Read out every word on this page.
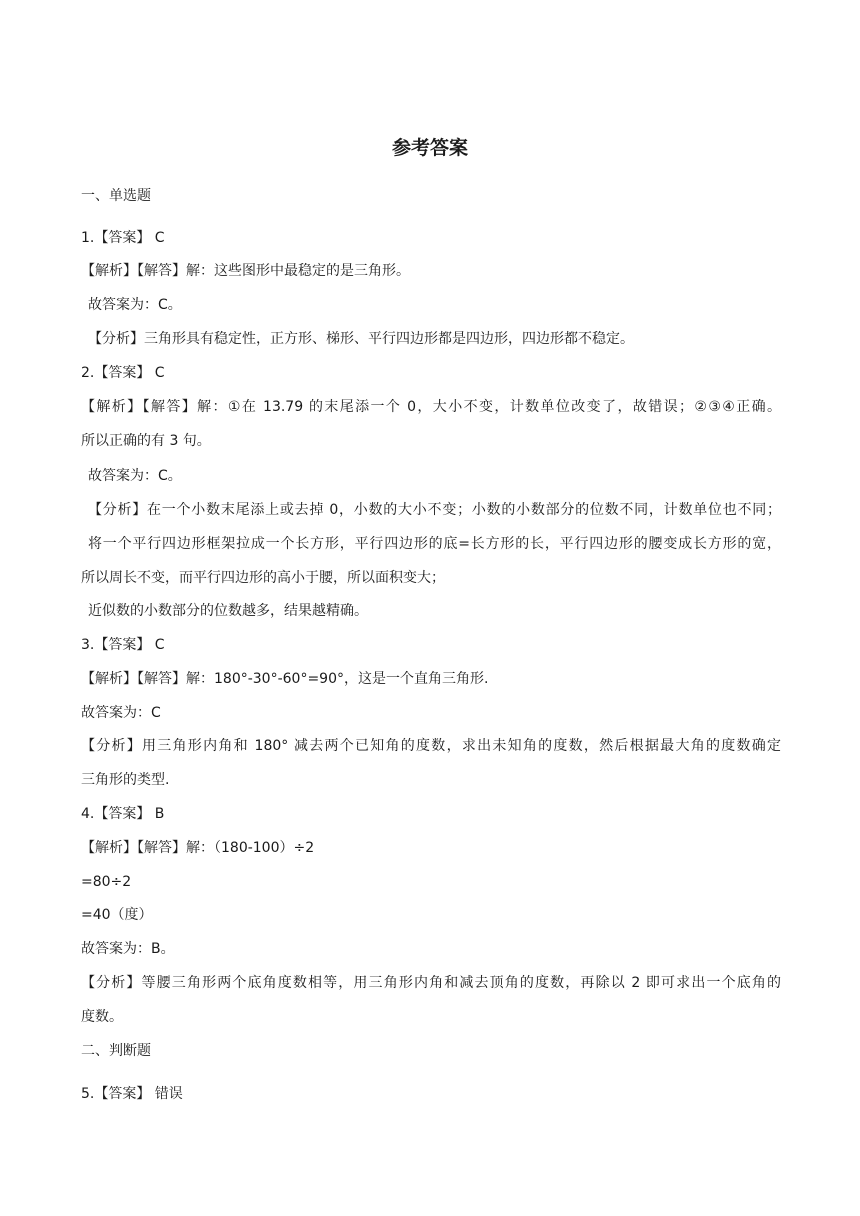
参考答案

一、单选题

1.【答案】 C

【解析】【解答】解：这些图形中最稳定的是三角形。

故答案为：C。

【分析】三角形具有稳定性，正方形、梯形、平行四边形都是四边形，四边形都不稳定。

2.【答案】 C

【解析】【解答】解：①在 13.79 的末尾添一个 0，大小不变，计数单位改变了，故错误；②③④正确。

所以正确的有 3 句。

故答案为：C。

【分析】在一个小数末尾添上或去掉 0，小数的大小不变；小数的小数部分的位数不同，计数单位也不同；

将一个平行四边形框架拉成一个长方形，平行四边形的底=长方形的长，平行四边形的腰变成长方形的宽，

所以周长不变，而平行四边形的高小于腰，所以面积变大；

近似数的小数部分的位数越多，结果越精确。

3.【答案】 C

【解析】【解答】解：180°-30°-60°=90°，这是一个直角三角形.

故答案为：C

【分析】用三角形内角和 180° 减去两个已知角的度数，求出未知角的度数，然后根据最大角的度数确定

三角形的类型.

4.【答案】 B

【解析】【解答】解：（180-100）÷2

=80÷2

=40（度）

故答案为：B。

【分析】等腰三角形两个底角度数相等，用三角形内角和减去顶角的度数，再除以 2 即可求出一个底角的

度数。

二、判断题

5.【答案】 错误
